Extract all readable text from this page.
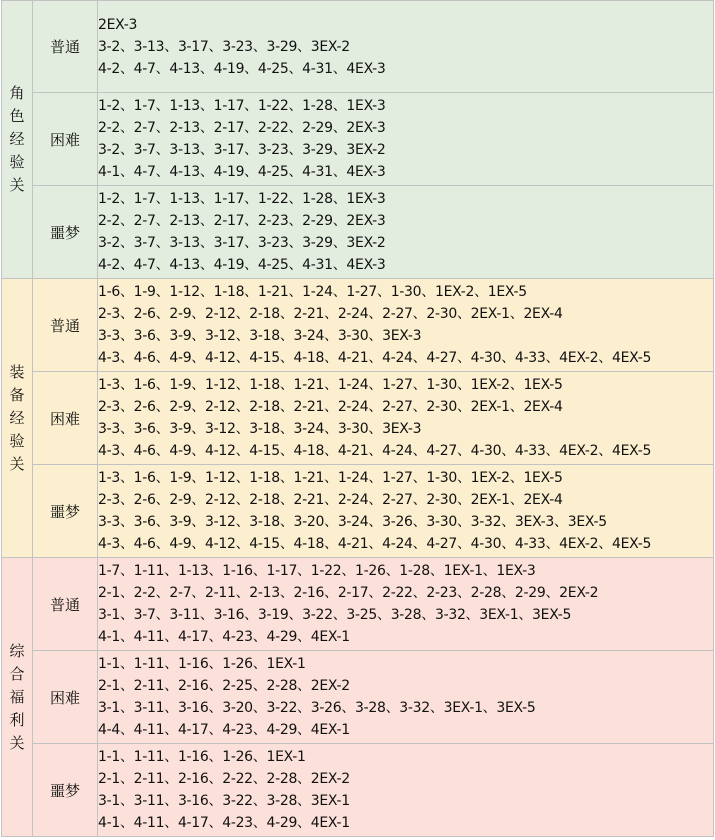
角色经验关	普通	2EX-3
3-2、3-13、3-17、3-23、3-29、3EX-2
4-2、4-7、4-13、4-19、4-25、4-31、4EX-3

	困难	1-2、1-7、1-13、1-17、1-22、1-28、1EX-3
2-2、2-7、2-13、2-17、2-22、2-29、2EX-3
3-2、3-7、3-13、3-17、3-23、3-29、3EX-2
4-1、4-7、4-13、4-19、4-25、4-31、4EX-3

	噩梦	1-2、1-7、1-13、1-17、1-22、1-28、1EX-3
2-2、2-7、2-13、2-17、2-23、2-29、2EX-3
3-2、3-7、3-13、3-17、3-23、3-29、3EX-2
4-2、4-7、4-13、4-19、4-25、4-31、4EX-3

装备经验关	普通	1-6、1-9、1-12、1-18、1-21、1-24、1-27、1-30、1EX-2、1EX-5
2-3、2-6、2-9、2-12、2-18、2-21、2-24、2-27、2-30、2EX-1、2EX-4
3-3、3-6、3-9、3-12、3-18、3-24、3-30、3EX-3
4-3、4-6、4-9、4-12、4-15、4-18、4-21、4-24、4-27、4-30、4-33、4EX-2、4EX-5

	困难	1-3、1-6、1-9、1-12、1-18、1-21、1-24、1-27、1-30、1EX-2、1EX-5
2-3、2-6、2-9、2-12、2-18、2-21、2-24、2-27、2-30、2EX-1、2EX-4
3-3、3-6、3-9、3-12、3-18、3-24、3-30、3EX-3
4-3、4-6、4-9、4-12、4-15、4-18、4-21、4-24、4-27、4-30、4-33、4EX-2、4EX-5

	噩梦	1-3、1-6、1-9、1-12、1-18、1-21、1-24、1-27、1-30、1EX-2、1EX-5
2-3、2-6、2-9、2-12、2-18、2-21、2-24、2-27、2-30、2EX-1、2EX-4
3-3、3-6、3-9、3-12、3-18、3-20、3-24、3-26、3-30、3-32、3EX-3、3EX-5
4-3、4-6、4-9、4-12、4-15、4-18、4-21、4-24、4-27、4-30、4-33、4EX-2、4EX-5

综合福利关	普通	1-7、1-11、1-13、1-16、1-17、1-22、1-26、1-28、1EX-1、1EX-3
2-1、2-2、2-7、2-11、2-13、2-16、2-17、2-22、2-23、2-28、2-29、2EX-2
3-1、3-7、3-11、3-16、3-19、3-22、3-25、3-28、3-32、3EX-1、3EX-5
4-1、4-11、4-17、4-23、4-29、4EX-1

	困难	1-1、1-11、1-16、1-26、1EX-1
2-1、2-11、2-16、2-25、2-28、2EX-2
3-1、3-11、3-16、3-20、3-22、3-26、3-28、3-32、3EX-1、3EX-5
4-4、4-11、4-17、4-23、4-29、4EX-1

	噩梦	1-1、1-11、1-16、1-26、1EX-1
2-1、2-11、2-16、2-22、2-28、2EX-2
3-1、3-11、3-16、3-22、3-28、3EX-1
4-1、4-11、4-17、4-23、4-29、4EX-1
